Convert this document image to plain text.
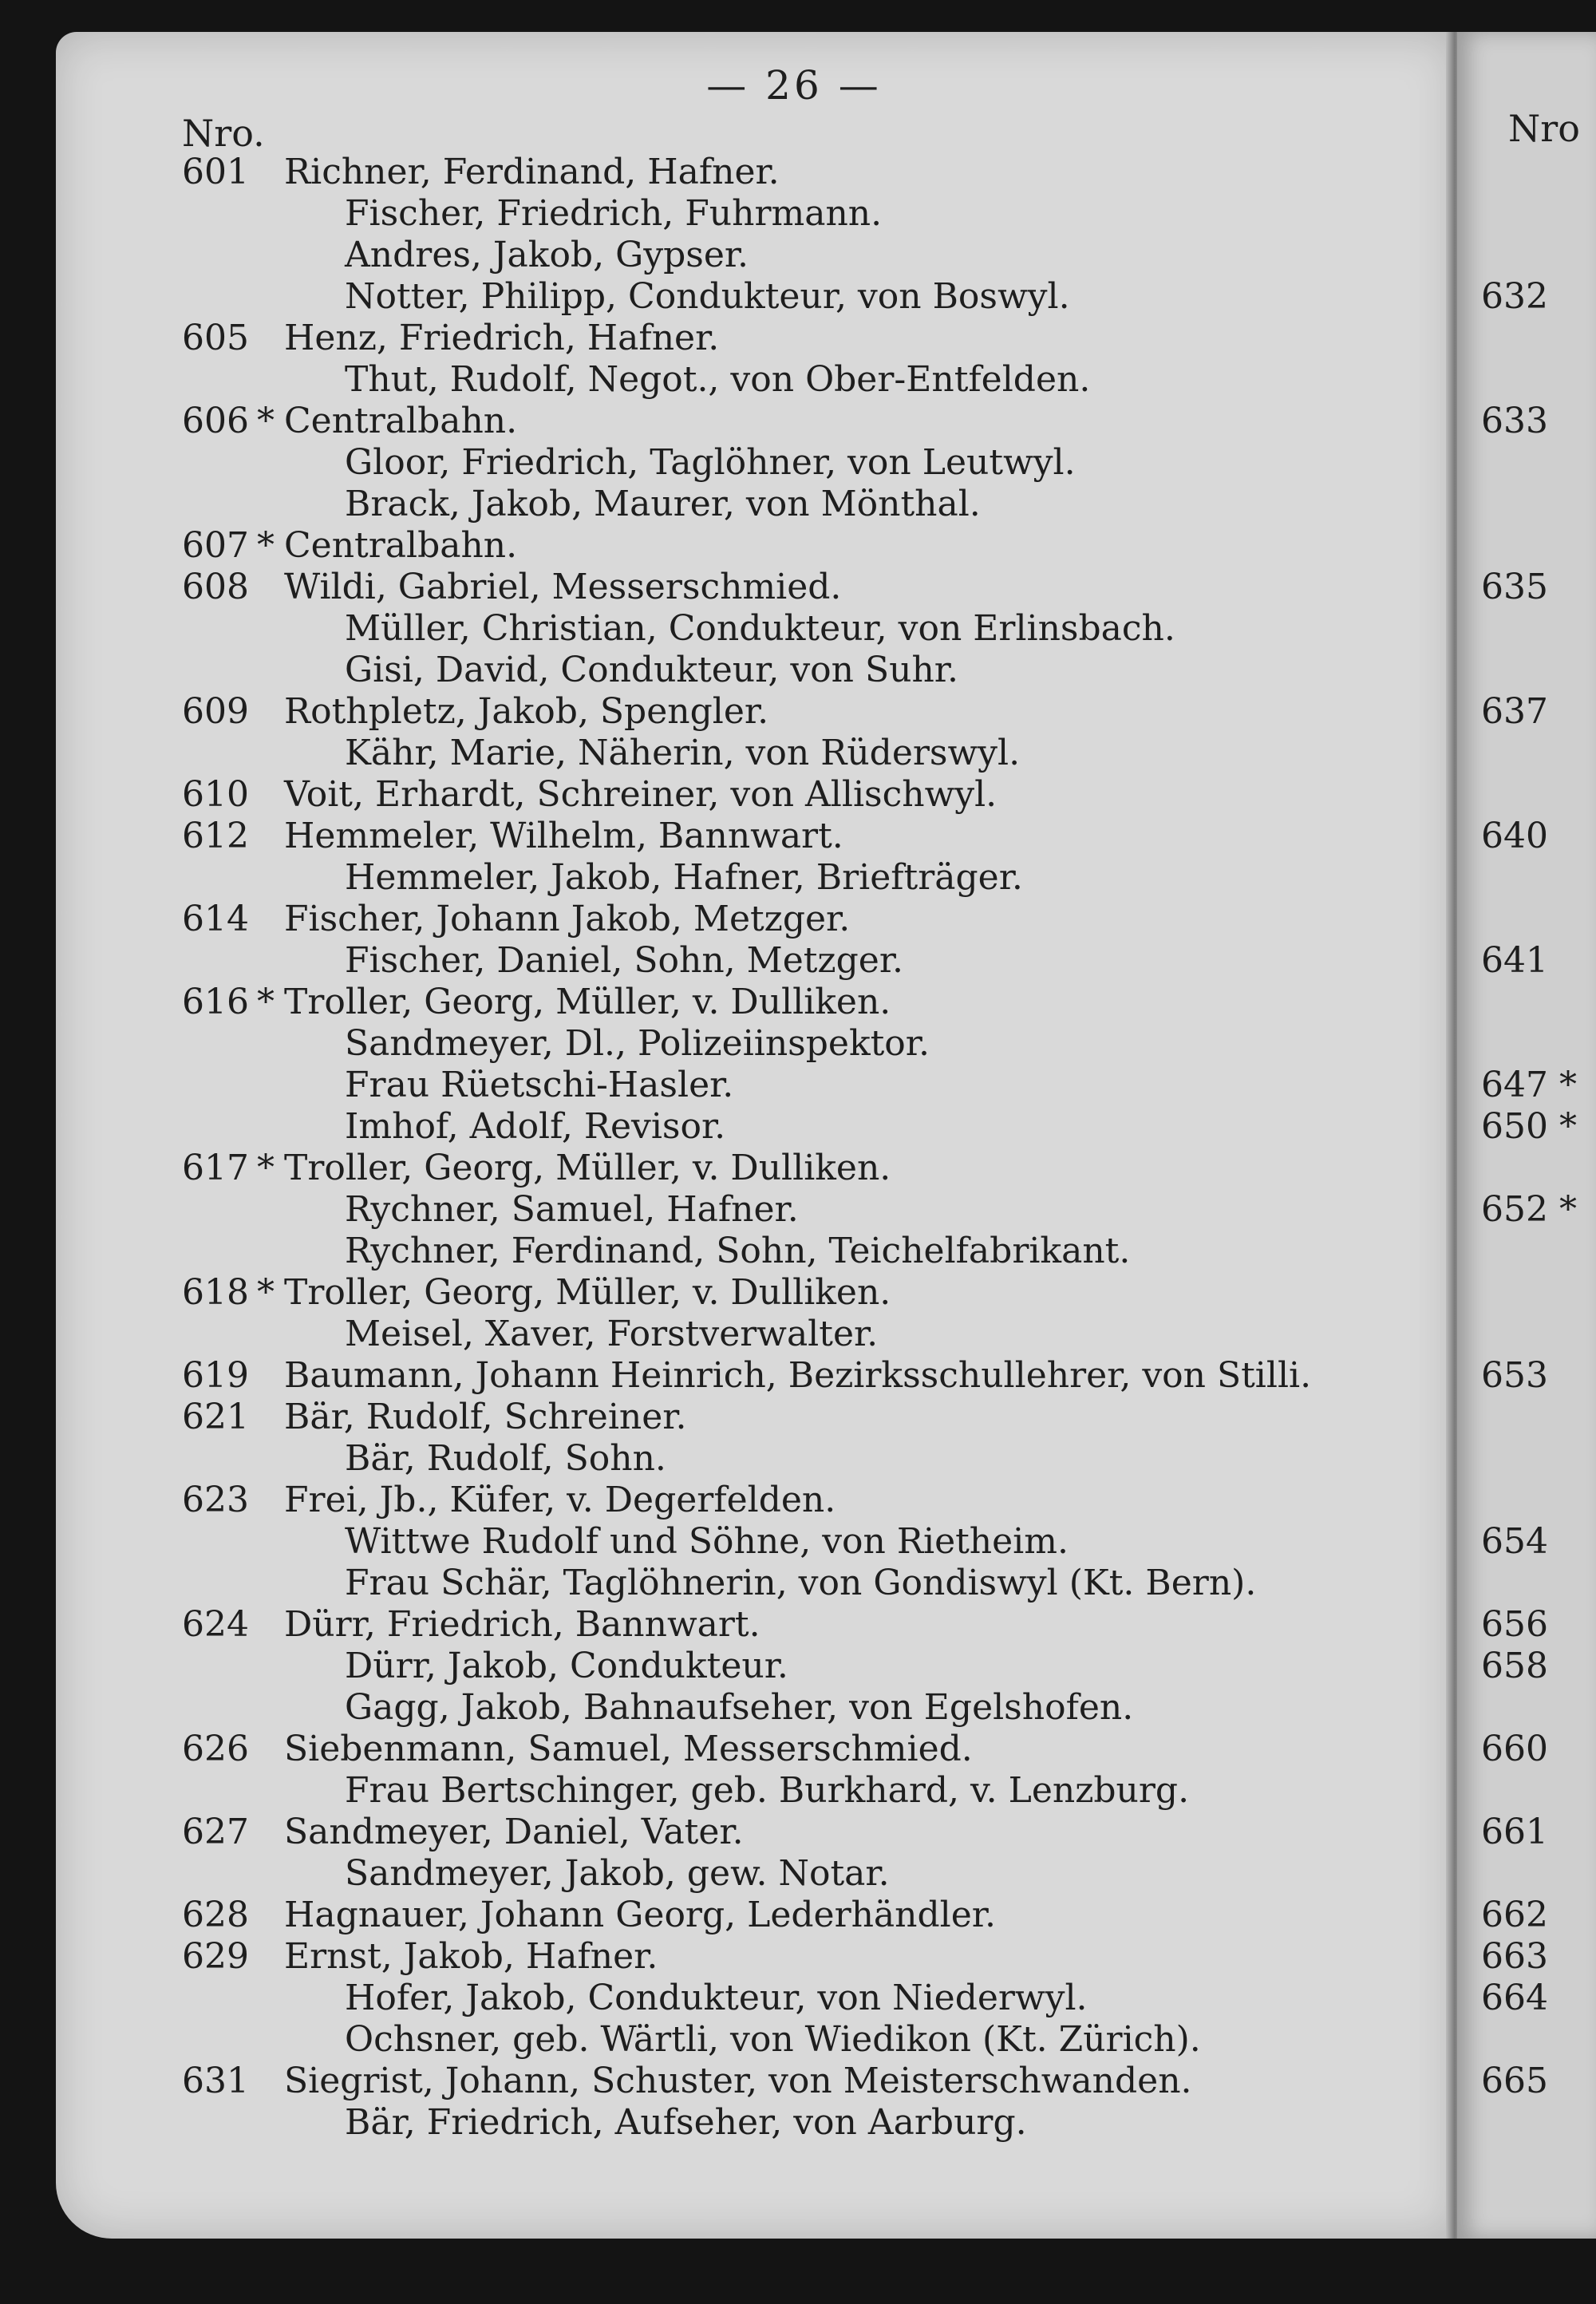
— 26 —
Nro.	Nro
601 Richner, Ferdinand, Hafner.
Fischer, Friedrich, Fuhrmann.
Andres, Jakob, Gypser.
Notter, Philipp, Condukteur, von Boswyl.
605 Henz, Friedrich, Hafner.
Thut, Rudolf, Negot., von Ober-Entfelden.
606 * Centralbahn.
Gloor, Friedrich, Taglöhner, von Leutwyl.
Brack, Jakob, Maurer, von Mönthal.
607 * Centralbahn.
608 Wildi, Gabriel, Messerschmied.
Müller, Christian, Condukteur, von Erlinsbach.
Gisi, David, Condukteur, von Suhr.
609 Rothpletz, Jakob, Spengler.
Kähr, Marie, Näherin, von Rüderswyl.
610 Voit, Erhardt, Schreiner, von Allischwyl.
612 Hemmeler, Wilhelm, Bannwart.
Hemmeler, Jakob, Hafner, Briefträger.
614 Fischer, Johann Jakob, Metzger.
Fischer, Daniel, Sohn, Metzger.
616 * Troller, Georg, Müller, v. Dulliken.
Sandmeyer, Dl., Polizeiinspektor.
Frau Rüetschi-Hasler.
Imhof, Adolf, Revisor.
617 * Troller, Georg, Müller, v. Dulliken.
Rychner, Samuel, Hafner.
Rychner, Ferdinand, Sohn, Teichelfabrikant.
618 * Troller, Georg, Müller, v. Dulliken.
Meisel, Xaver, Forstverwalter.
619 Baumann, Johann Heinrich, Bezirksschullehrer, von Stilli.
621 Bär, Rudolf, Schreiner.
Bär, Rudolf, Sohn.
623 Frei, Jb., Küfer, v. Degerfelden.
Wittwe Rudolf und Söhne, von Rietheim.
Frau Schär, Taglöhnerin, von Gondiswyl (Kt. Bern).
624 Dürr, Friedrich, Bannwart.
Dürr, Jakob, Condukteur.
Gagg, Jakob, Bahnaufseher, von Egelshofen.
626 Siebenmann, Samuel, Messerschmied.
Frau Bertschinger, geb. Burkhard, v. Lenzburg.
627 Sandmeyer, Daniel, Vater.
Sandmeyer, Jakob, gew. Notar.
628 Hagnauer, Johann Georg, Lederhändler.
629 Ernst, Jakob, Hafner.
Hofer, Jakob, Condukteur, von Niederwyl.
Ochsner, geb. Wärtli, von Wiedikon (Kt. Zürich).
631 Siegrist, Johann, Schuster, von Meisterschwanden.
Bär, Friedrich, Aufseher, von Aarburg.
632
633
635
637
640
641
647 *
650 *
652 *
653
654
656
658
660
661
662
663
664
665
